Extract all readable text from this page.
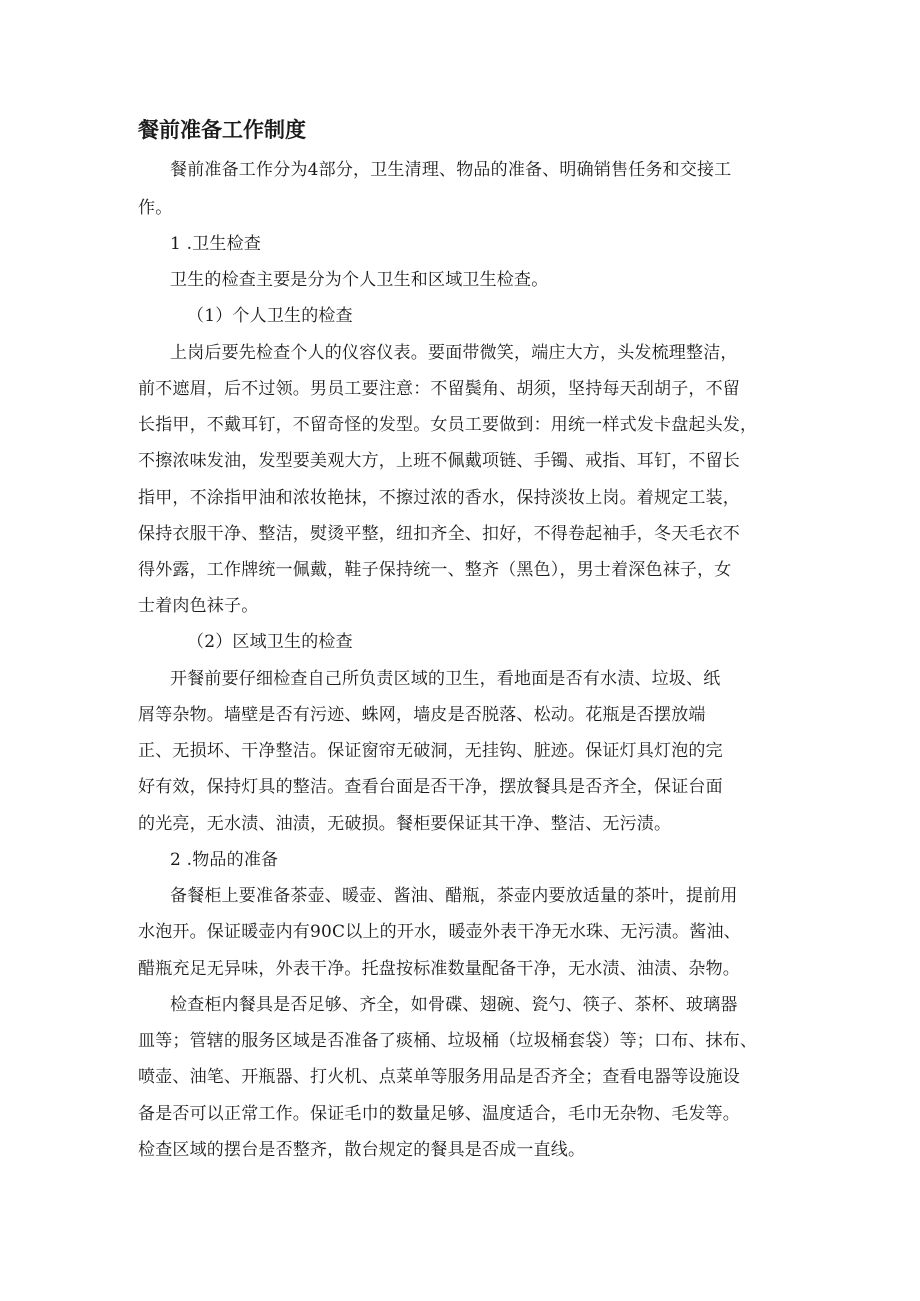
餐前准备工作制度
餐前准备工作分为4部分，卫生清理、物品的准备、明确销售任务和交接工
作。
1 .卫生检查
卫生的检查主要是分为个人卫生和区域卫生检查。
（1）个人卫生的检查
上岗后要先检查个人的仪容仪表。要面带微笑，端庄大方，头发梳理整洁，
前不遮眉，后不过领。男员工要注意：不留鬓角、胡须，坚持每天刮胡子，不留
长指甲，不戴耳钉，不留奇怪的发型。女员工要做到：用统一样式发卡盘起头发，
不擦浓味发油，发型要美观大方，上班不佩戴项链、手镯、戒指、耳钉，不留长
指甲，不涂指甲油和浓妆艳抹，不擦过浓的香水，保持淡妆上岗。着规定工装，
保持衣服干净、整洁，熨烫平整，纽扣齐全、扣好，不得卷起袖手，冬天毛衣不
得外露，工作牌统一佩戴，鞋子保持统一、整齐（黑色），男士着深色袜子，女
士着肉色袜子。
（2）区域卫生的检查
开餐前要仔细检查自己所负责区域的卫生，看地面是否有水渍、垃圾、纸
屑等杂物。墙壁是否有污迹、蛛网，墙皮是否脱落、松动。花瓶是否摆放端
正、无损坏、干净整洁。保证窗帘无破洞，无挂钩、脏迹。保证灯具灯泡的完
好有效，保持灯具的整洁。查看台面是否干净，摆放餐具是否齐全，保证台面
的光亮，无水渍、油渍，无破损。餐柜要保证其干净、整洁、无污渍。
2 .物品的准备
备餐柜上要准备茶壶、暖壶、酱油、醋瓶，茶壶内要放适量的茶叶，提前用
水泡开。保证暖壶内有90C以上的开水，暖壶外表干净无水珠、无污渍。酱油、
醋瓶充足无异味，外表干净。托盘按标准数量配备干净，无水渍、油渍、杂物。
检查柜内餐具是否足够、齐全，如骨碟、翅碗、瓷勺、筷子、茶杯、玻璃器
皿等；管辖的服务区域是否准备了痰桶、垃圾桶（垃圾桶套袋）等；口布、抹布、
喷壶、油笔、开瓶器、打火机、点菜单等服务用品是否齐全；查看电器等设施设
备是否可以正常工作。保证毛巾的数量足够、温度适合，毛巾无杂物、毛发等。
检查区域的摆台是否整齐，散台规定的餐具是否成一直线。
